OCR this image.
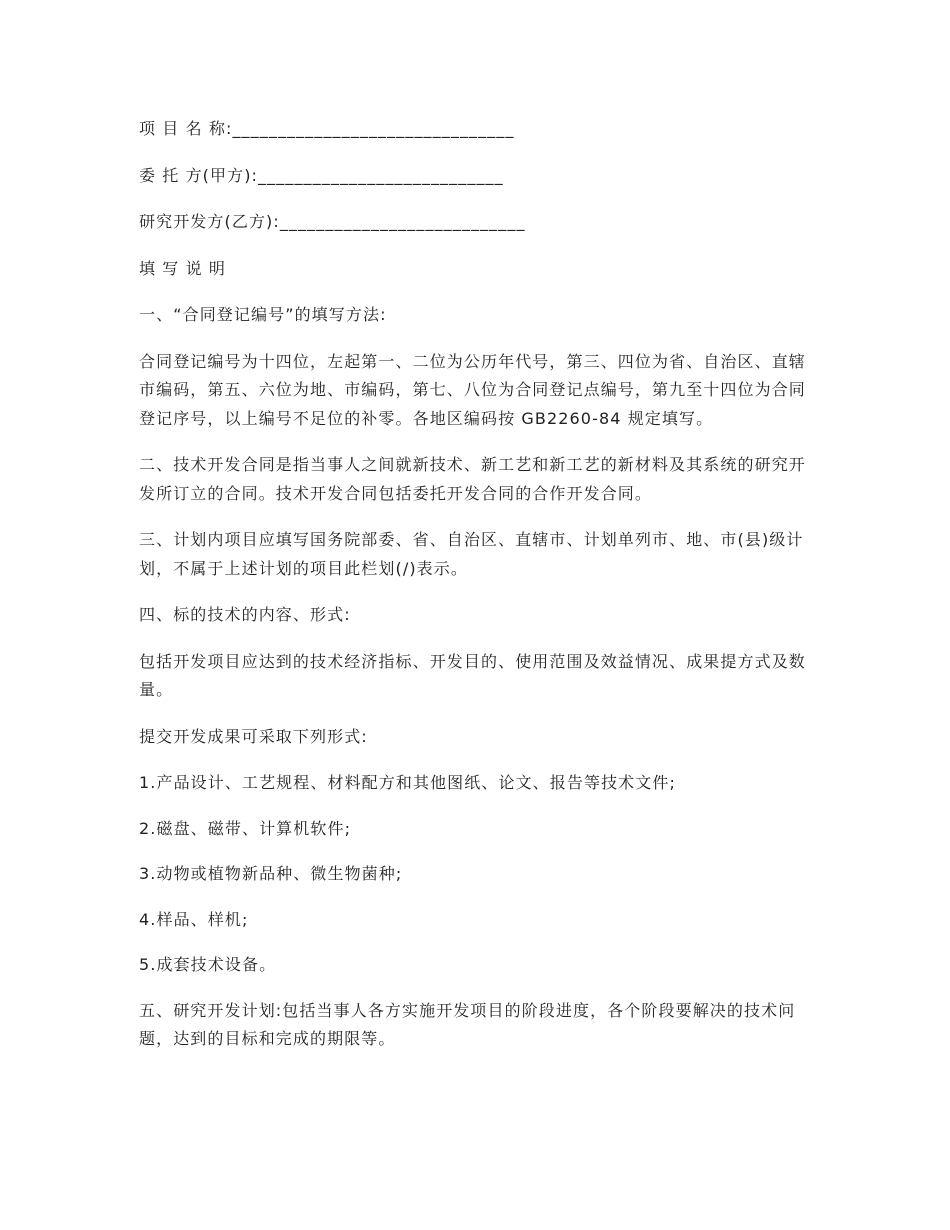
项 目 名 称:_______________________________

委 托 方(甲方):___________________________

研究开发方(乙方):___________________________

填 写 说 明

一、“合同登记编号”的填写方法:

合同登记编号为十四位，左起第一、二位为公历年代号，第三、四位为省、自治区、直辖市编码，第五、六位为地、市编码，第七、八位为合同登记点编号，第九至十四位为合同登记序号，以上编号不足位的补零。各地区编码按 GB2260-84 规定填写。

二、技术开发合同是指当事人之间就新技术、新工艺和新工艺的新材料及其系统的研究开发所订立的合同。技术开发合同包括委托开发合同的合作开发合同。

三、计划内项目应填写国务院部委、省、自治区、直辖市、计划单列市、地、市(县)级计划，不属于上述计划的项目此栏划(/)表示。

四、标的技术的内容、形式:

包括开发项目应达到的技术经济指标、开发目的、使用范围及效益情况、成果提方式及数量。

提交开发成果可采取下列形式:

1.产品设计、工艺规程、材料配方和其他图纸、论文、报告等技术文件;

2.磁盘、磁带、计算机软件;

3.动物或植物新品种、微生物菌种;

4.样品、样机;

5.成套技术设备。

五、研究开发计划:包括当事人各方实施开发项目的阶段进度，各个阶段要解决的技术问题，达到的目标和完成的期限等。
